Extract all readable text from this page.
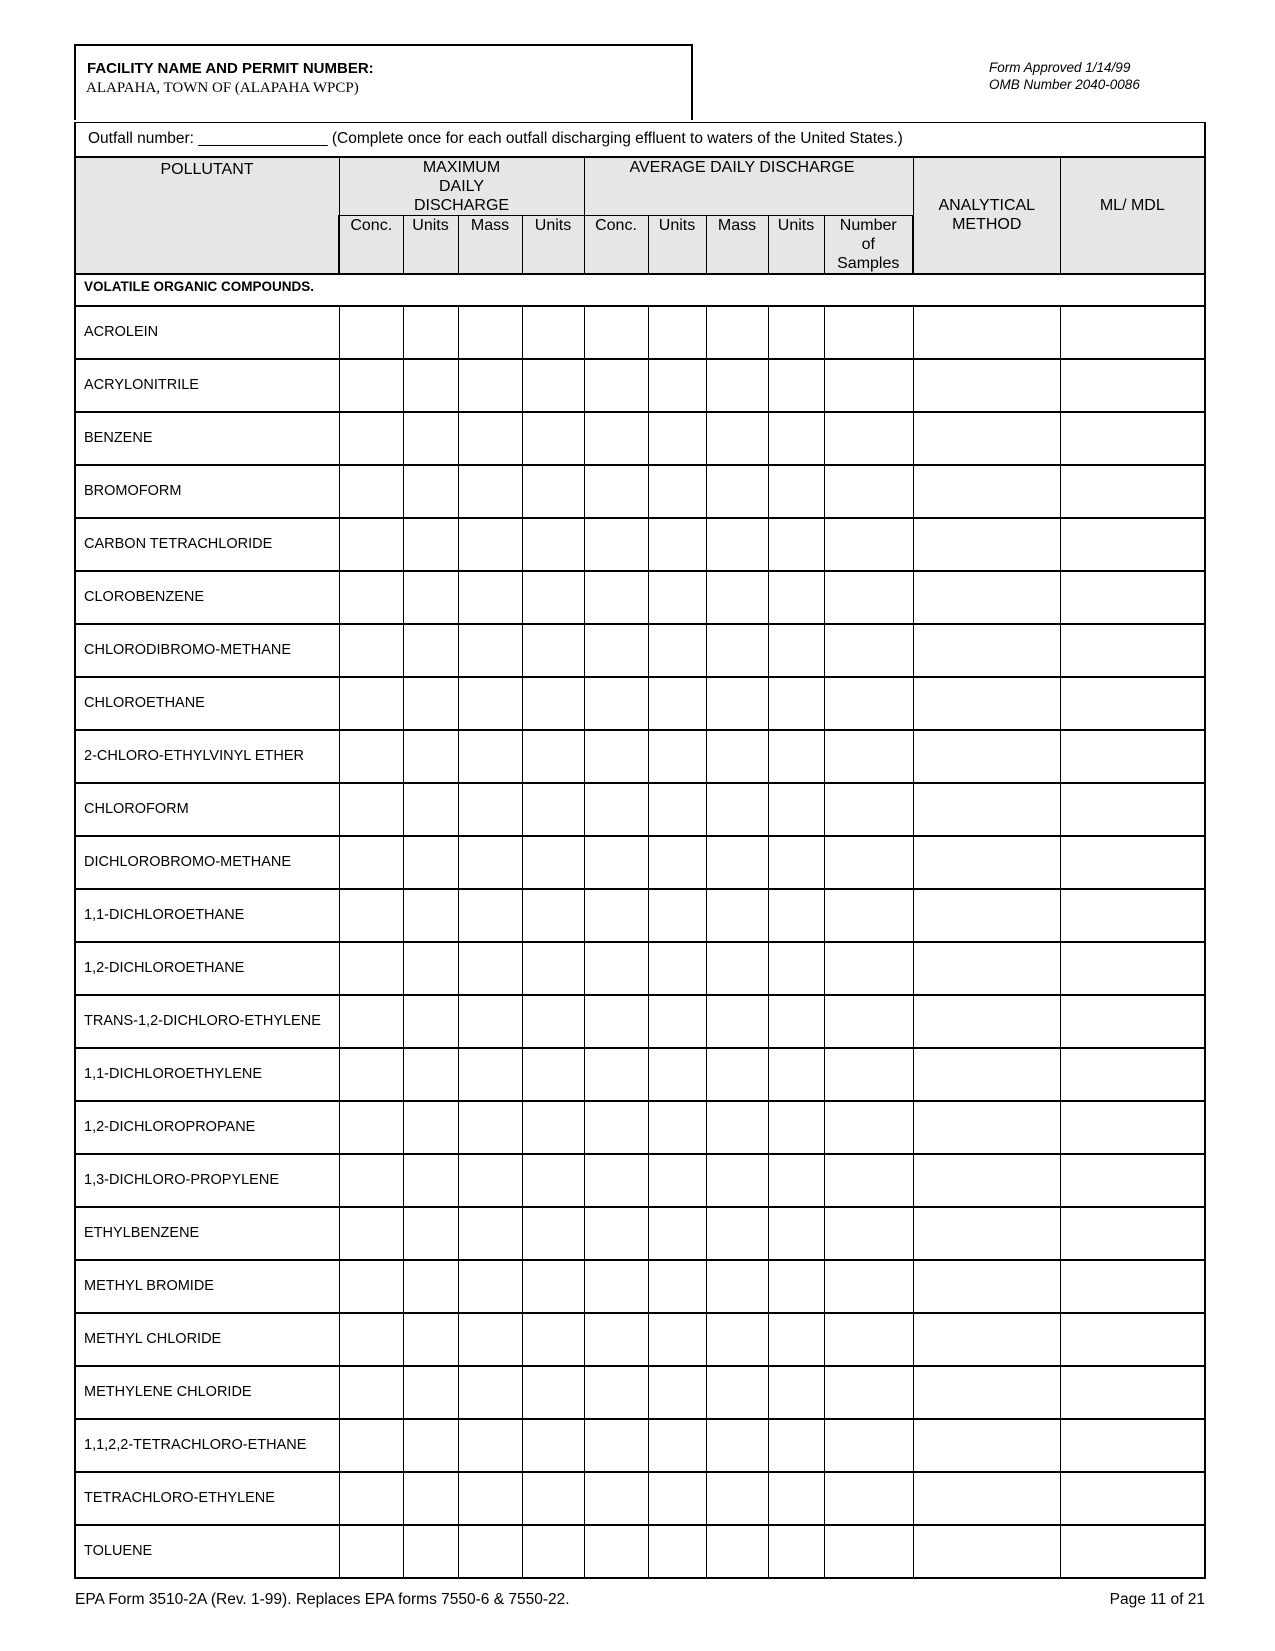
FACILITY NAME AND PERMIT NUMBER:
ALAPAHA, TOWN OF (ALAPAHA WPCP)
Form Approved 1/14/99
OMB Number 2040-0086
Outfall number: _______________ (Complete once for each outfall discharging effluent to waters of the United States.)											
POLLUTANT	MAXIMUM DAILY DISCHARGE				AVERAGE DAILY DISCHARGE					ANALYTICAL METHOD	ML/ MDL
	Conc.	Units	Mass	Units	Conc.	Units	Mass	Units	Number of Samples		
VOLATILE ORGANIC COMPOUNDS.											
ACROLEIN											
ACRYLONITRILE											
BENZENE											
BROMOFORM											
CARBON TETRACHLORIDE											
CLOROBENZENE											
CHLORODIBROMO-METHANE											
CHLOROETHANE											
2-CHLORO-ETHYLVINYL ETHER											
CHLOROFORM											
DICHLOROBROMO-METHANE											
1,1-DICHLOROETHANE											
1,2-DICHLOROETHANE											
TRANS-1,2-DICHLORO-ETHYLENE											
1,1-DICHLOROETHYLENE											
1,2-DICHLOROPROPANE											
1,3-DICHLORO-PROPYLENE											
ETHYLBENZENE											
METHYL BROMIDE											
METHYL CHLORIDE											
METHYLENE CHLORIDE											
1,1,2,2-TETRACHLORO-ETHANE											
TETRACHLORO-ETHYLENE											
TOLUENE											
EPA Form 3510-2A (Rev. 1-99). Replaces EPA forms 7550-6 & 7550-22.	Page 11 of 21
